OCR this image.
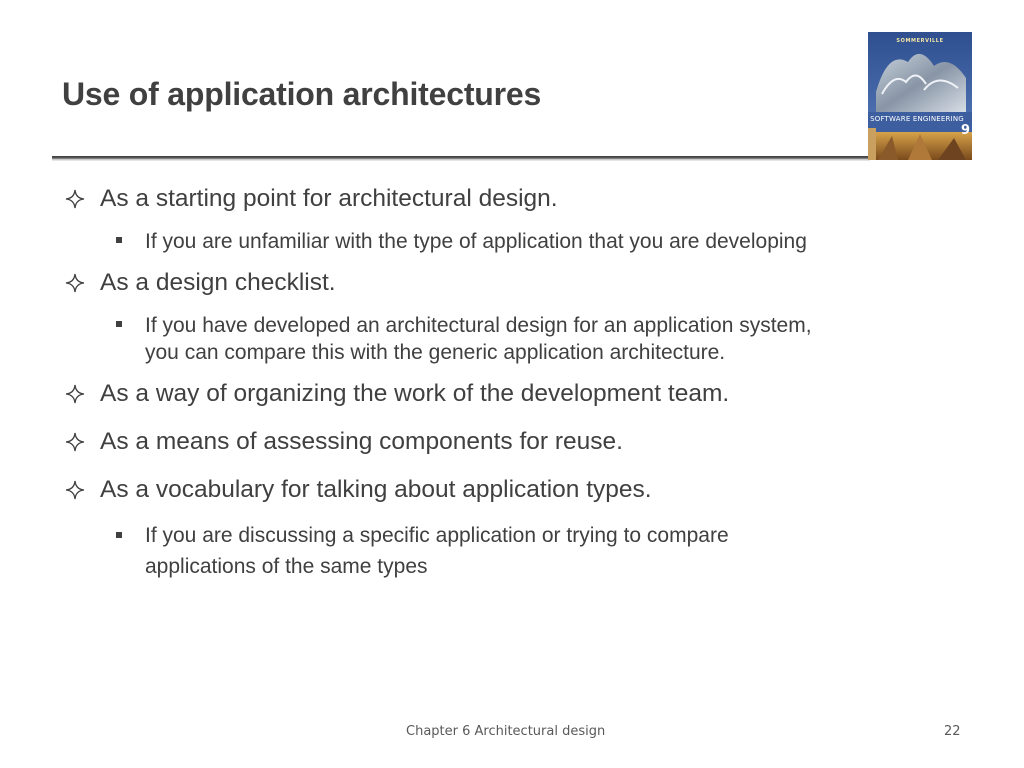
Use of application architectures
SOMMERVILLE
SOFTWARE ENGINEERING
9
As a starting point for architectural design.
If you are unfamiliar with the type of application that you are developing
As a design checklist.
If you have developed an architectural design for an application system,
you can compare this with the generic application architecture.
As a way of organizing the work of the development team.
As a means of assessing components for reuse.
As a vocabulary for talking about application types.
If you are discussing a specific application or trying to compare
applications of the same types
Chapter 6 Architectural design	22
